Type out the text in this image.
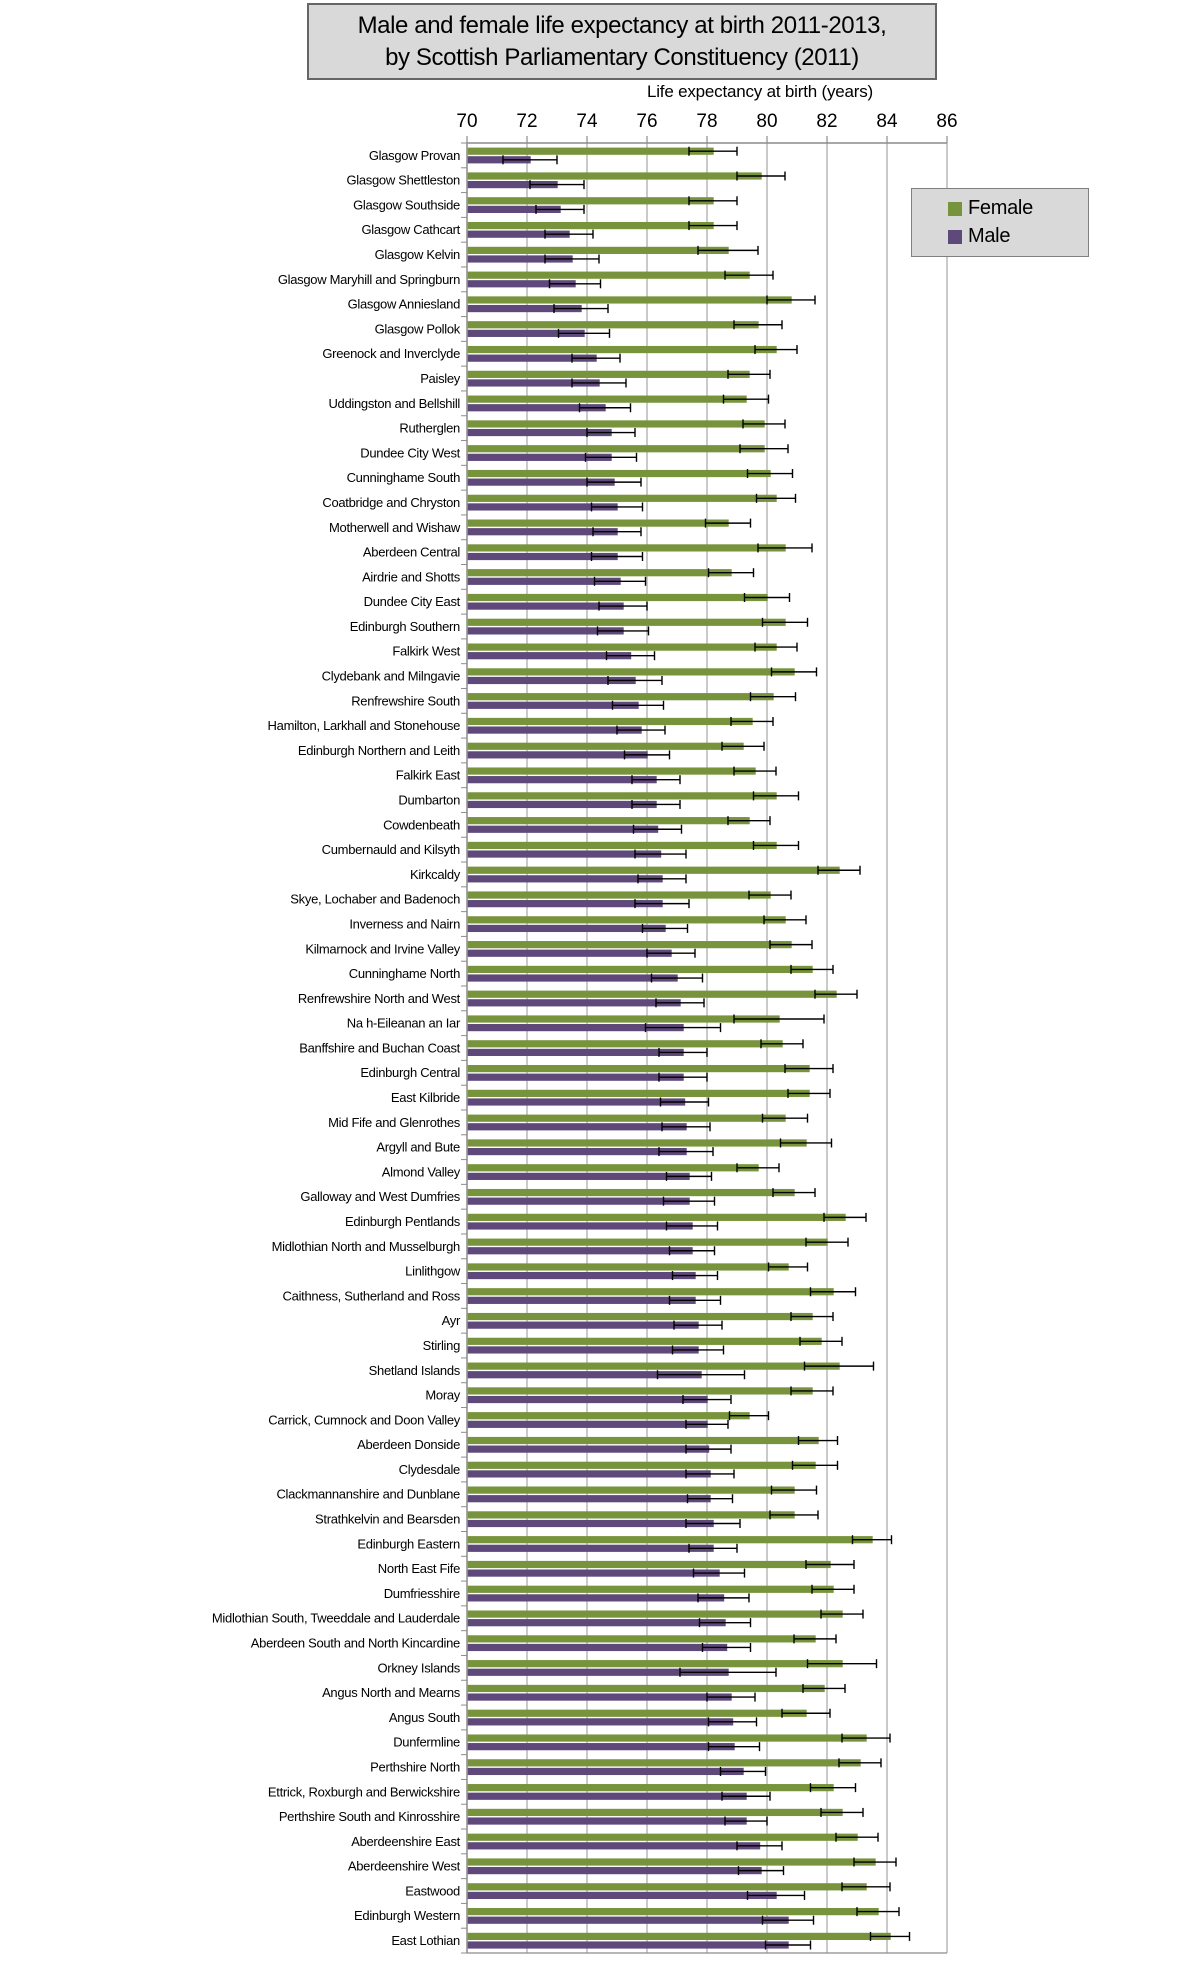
70 72 74 76 78 80 82 84 86
Glasgow Provan
Glasgow Shettleston
Glasgow Southside
Glasgow Cathcart
Glasgow Kelvin
Glasgow Maryhill and Springburn
Glasgow Anniesland
Glasgow Pollok
Greenock and Inverclyde
Paisley
Uddingston and Bellshill
Rutherglen
Dundee City West
Cunninghame South
Coatbridge and Chryston
Motherwell and Wishaw
Aberdeen Central
Airdrie and Shotts
Dundee City East
Edinburgh Southern
Falkirk West
Clydebank and Milngavie
Renfrewshire South
Hamilton, Larkhall and Stonehouse
Edinburgh Northern and Leith
Falkirk East
Dumbarton
Cowdenbeath
Cumbernauld and Kilsyth
Kirkcaldy
Skye, Lochaber and Badenoch
Inverness and Nairn
Kilmarnock and Irvine Valley
Cunninghame North
Renfrewshire North and West
Na h-Eileanan an Iar
Banffshire and Buchan Coast
Edinburgh Central
East Kilbride
Mid Fife and Glenrothes
Argyll and Bute
Almond Valley
Galloway and West Dumfries
Edinburgh Pentlands
Midlothian North and Musselburgh
Linlithgow
Caithness, Sutherland and Ross
Ayr
Stirling
Shetland Islands
Moray
Carrick, Cumnock and Doon Valley
Aberdeen Donside
Clydesdale
Clackmannanshire and Dunblane
Strathkelvin and Bearsden
Edinburgh Eastern
North East Fife
Dumfriesshire
Midlothian South, Tweeddale and Lauderdale
Aberdeen South and North Kincardine
Orkney Islands
Angus North and Mearns
Angus South
Dunfermline
Perthshire North
Ettrick, Roxburgh and Berwickshire
Perthshire South and Kinrosshire
Aberdeenshire East
Aberdeenshire West
Eastwood
Edinburgh Western
East Lothian
Male and female life expectancy at birth 2011-2013,
by Scottish Parliamentary Constituency (2011)
Life expectancy at birth (years)
Female
Male
